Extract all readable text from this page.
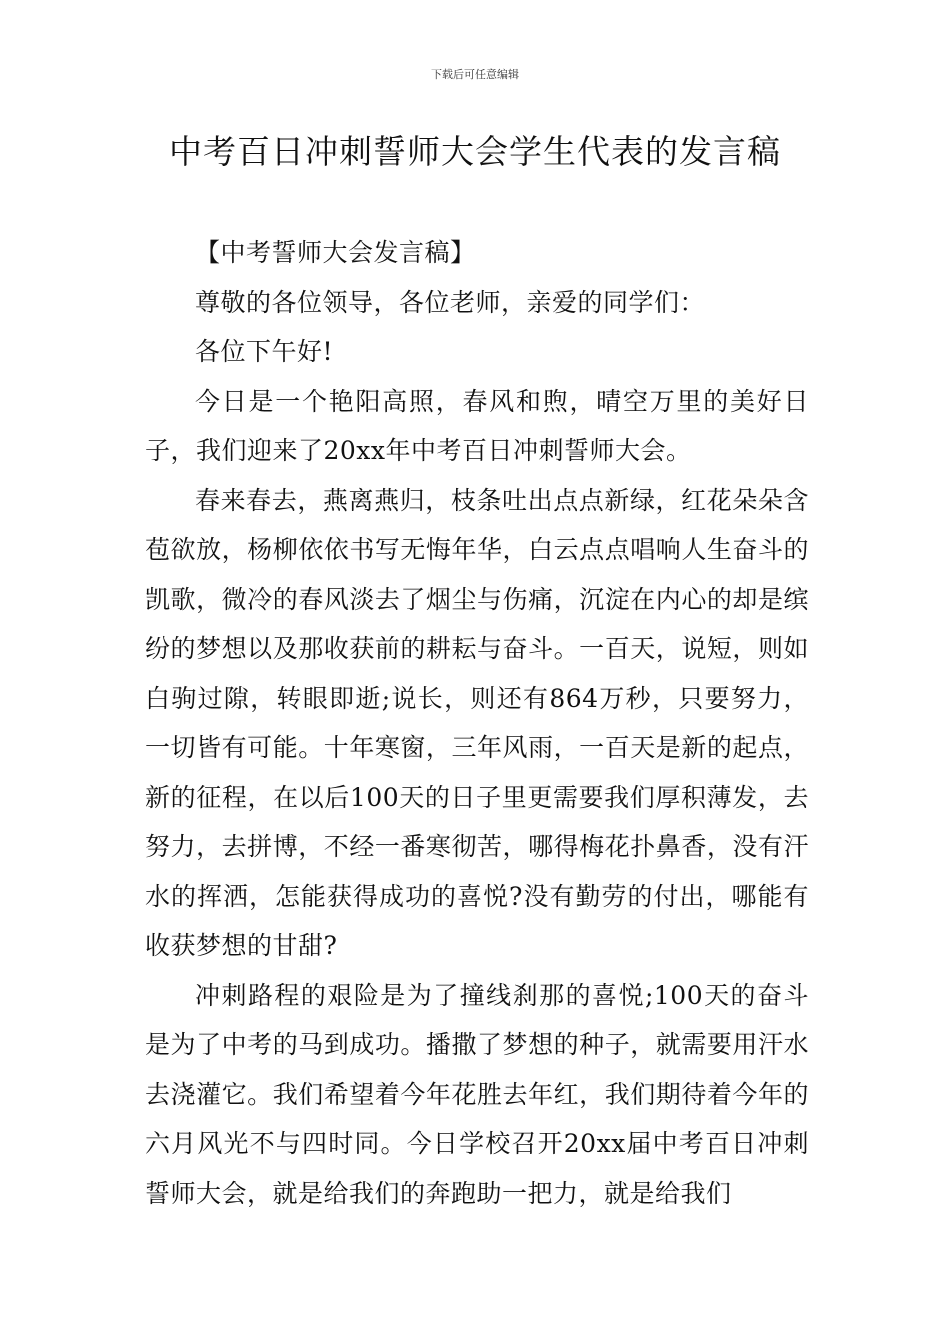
下载后可任意编辑
中考百日冲刺誓师大会学生代表的发言稿

【中考誓师大会发言稿】

尊敬的各位领导，各位老师，亲爱的同学们：

各位下午好!

今日是一个艳阳高照，春风和煦，晴空万里的美好日子，我们迎来了20xx年中考百日冲刺誓师大会。

春来春去，燕离燕归，枝条吐出点点新绿，红花朵朵含苞欲放，杨柳依依书写无悔年华，白云点点唱响人生奋斗的凯歌，微冷的春风淡去了烟尘与伤痛，沉淀在内心的却是缤纷的梦想以及那收获前的耕耘与奋斗。一百天，说短，则如白驹过隙，转眼即逝;说长，则还有864万秒，只要努力，一切皆有可能。十年寒窗，三年风雨，一百天是新的起点，新的征程，在以后100天的日子里更需要我们厚积薄发，去努力，去拼博，不经一番寒彻苦，哪得梅花扑鼻香，没有汗水的挥洒，怎能获得成功的喜悦?没有勤劳的付出，哪能有收获梦想的甘甜?

冲刺路程的艰险是为了撞线刹那的喜悦;100天的奋斗是为了中考的马到成功。播撒了梦想的种子，就需要用汗水去浇灌它。我们希望着今年花胜去年红，我们期待着今年的六月风光不与四时同。今日学校召开20xx届中考百日冲刺誓师大会，就是给我们的奔跑助一把力，就是给我们
